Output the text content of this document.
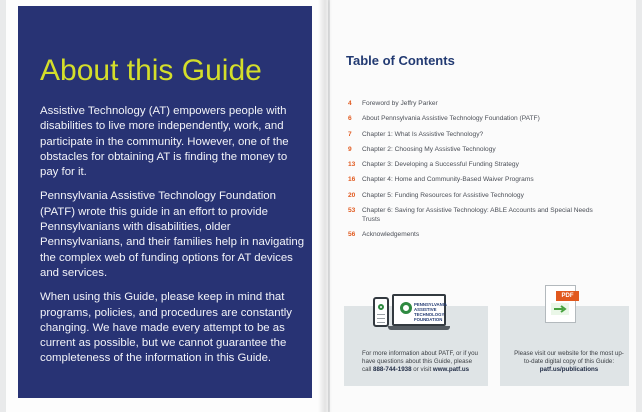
About this Guide

Assistive Technology (AT) empowers people with disabilities to live more independently, work, and participate in the community. However, one of the obstacles for obtaining AT is finding the money to pay for it.

Pennsylvania Assistive Technology Foundation (PATF) wrote this guide in an effort to provide Pennsylvanians with disabilities, older Pennsylvanians, and their families help in navigating the complex web of funding options for AT devices and services.

When using this Guide, please keep in mind that programs, policies, and procedures are constantly changing. We have made every attempt to be as current as possible, but we cannot guarantee the completeness of the information in this Guide.

Table of Contents
4	Foreword by Jeffry Parker
6	About Pennsylvania Assistive Technology Foundation (PATF)
7	Chapter 1: What Is Assistive Technology?
9	Chapter 2: Choosing My Assistive Technology
13	Chapter 3: Developing a Successful Funding Strategy
16	Chapter 4: Home and Community-Based Waiver Programs
20	Chapter 5: Funding Resources for Assistive Technology
53	Chapter 6: Saving for Assistive Technology: ABLE Accounts and Special Needs Trusts
56	Acknowledgements

For more information about PATF, or if you have questions about this Guide, please call 888-744-1938 or visit www.patf.us

Please visit our website for the most up-to-date digital copy of this Guide: patf.us/publications

PENNSYLVANIA ASSISTIVE TECHNOLOGY FOUNDATION
PDF
